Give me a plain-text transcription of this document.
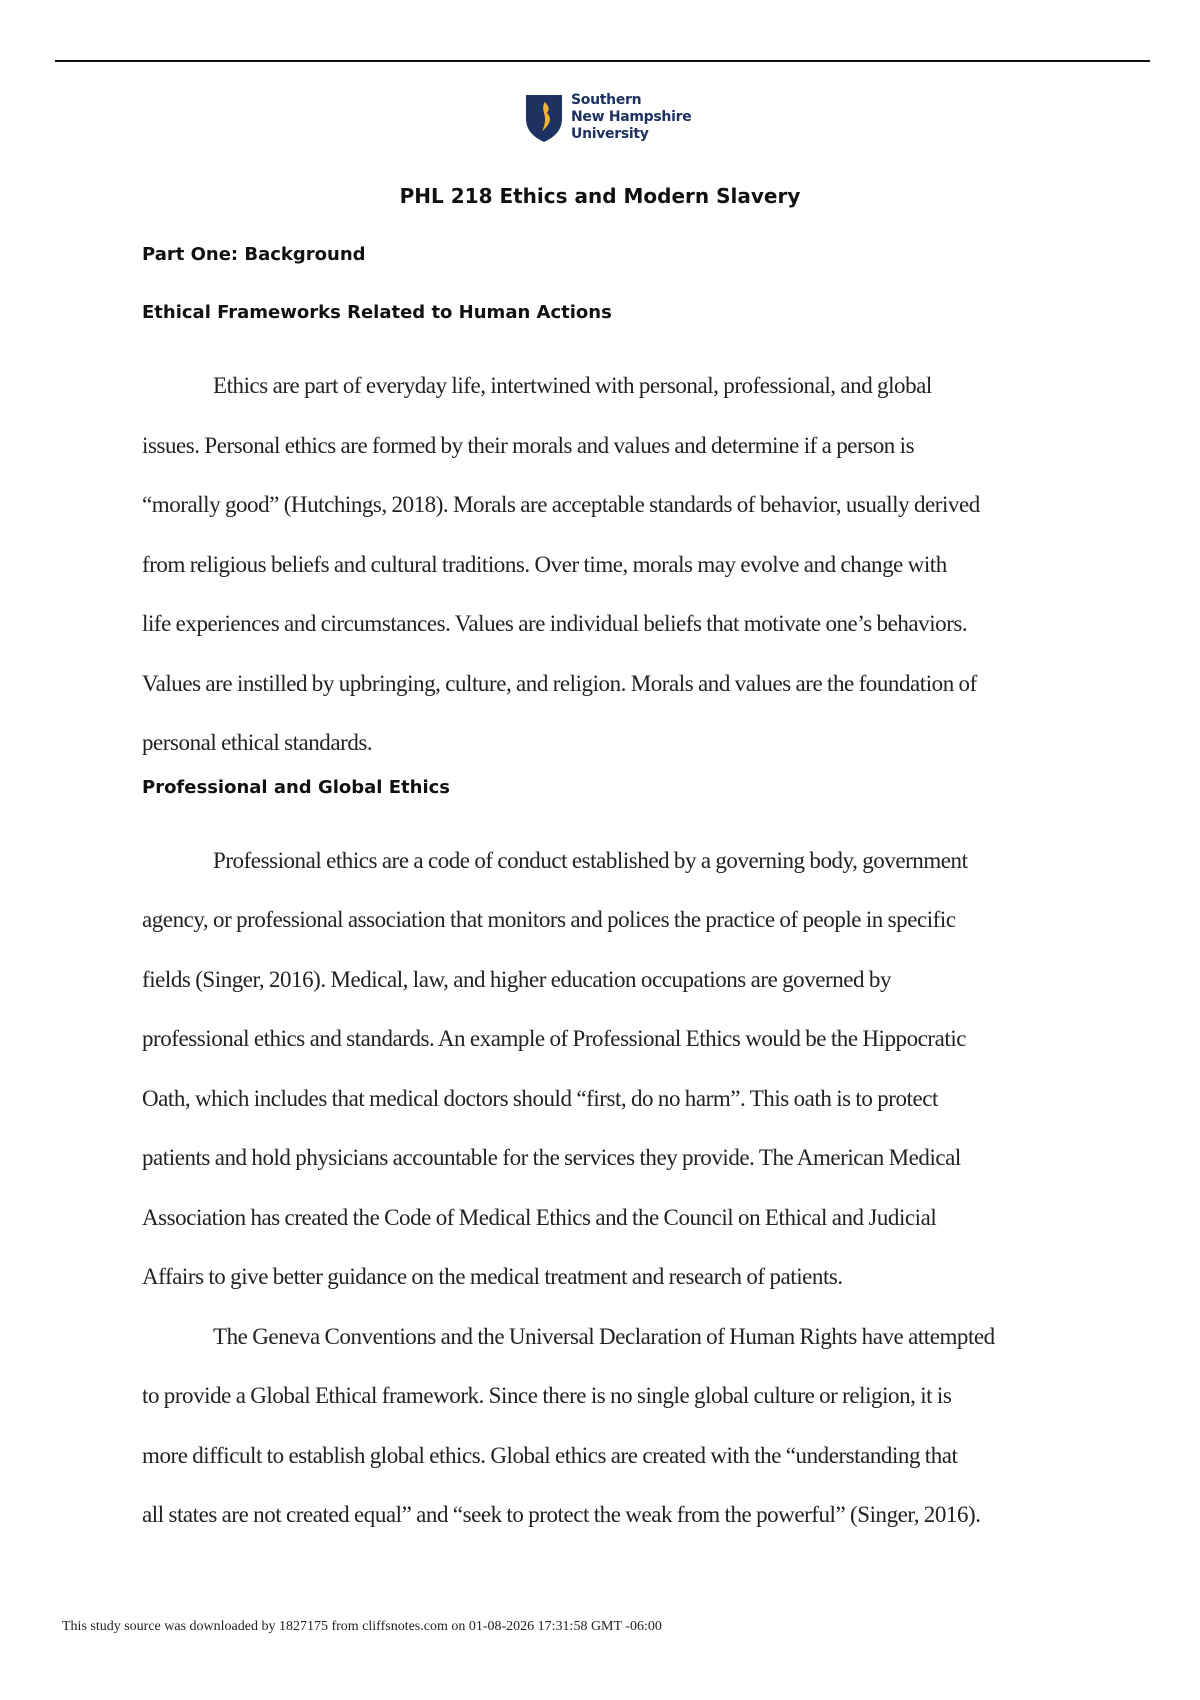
Southern
New Hampshire
University
PHL 218 Ethics and Modern Slavery
Part One: Background
Ethical Frameworks Related to Human Actions

Ethics are part of everyday life, intertwined with personal, professional, and global
issues. Personal ethics are formed by their morals and values and determine if a person is
“morally good” (Hutchings, 2018). Morals are acceptable standards of behavior, usually derived
from religious beliefs and cultural traditions. Over time, morals may evolve and change with
life experiences and circumstances. Values are individual beliefs that motivate one’s behaviors.
Values are instilled by upbringing, culture, and religion. Morals and values are the foundation of
personal ethical standards.

Professional and Global Ethics

Professional ethics are a code of conduct established by a governing body, government
agency, or professional association that monitors and polices the practice of people in specific
fields (Singer, 2016). Medical, law, and higher education occupations are governed by
professional ethics and standards. An example of Professional Ethics would be the Hippocratic
Oath, which includes that medical doctors should “first, do no harm”. This oath is to protect
patients and hold physicians accountable for the services they provide. The American Medical
Association has created the Code of Medical Ethics and the Council on Ethical and Judicial
Affairs to give better guidance on the medical treatment and research of patients.

The Geneva Conventions and the Universal Declaration of Human Rights have attempted
to provide a Global Ethical framework. Since there is no single global culture or religion, it is
more difficult to establish global ethics. Global ethics are created with the “understanding that
all states are not created equal” and “seek to protect the weak from the powerful” (Singer, 2016).

This study source was downloaded by 1827175 from cliffsnotes.com on 01-08-2026 17:31:58 GMT -06:00
